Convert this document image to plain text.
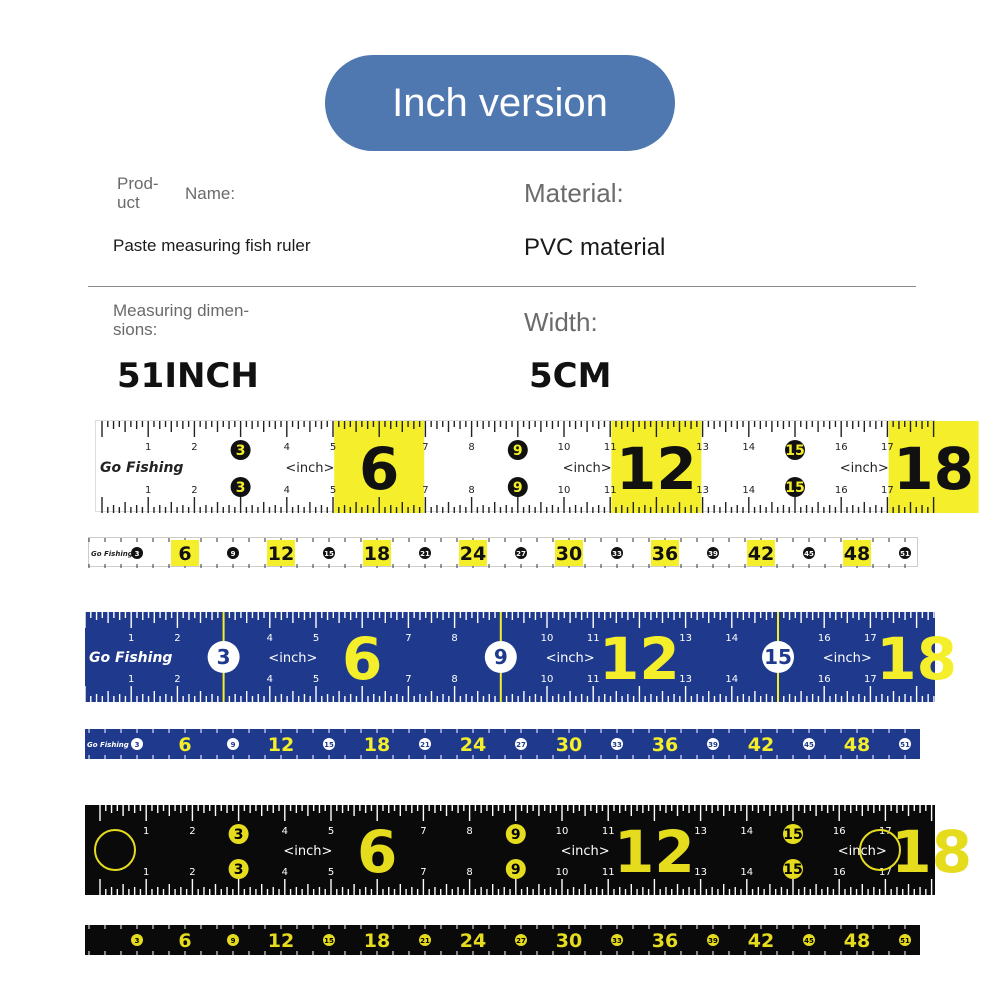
Inch version
Prod-
uct	Name:
Paste measuring fish ruler
Material:
PVC material
Measuring dimen-
sions:
51INCH
Width:
5CM
1
1
2
2
4
4
5
5
7
7
8
8
10
10
11
11
13
13
14
14
16
16
17
17
3
3
9
9
15
15
6	12	18
<inch>	<inch>	<inch>
Go Fishing
6	12	18	24	30	36	42	48
3	9	15	21	27	33	39	45	51
Go Fishing
1
1
2
2
4
4
5
5
7
7
8
8
10
10
11
11
13
13
14
14
16
16
17
17
3	9	15
6	12	18
<inch>	<inch>	<inch>
Go Fishing
6	12	18	24	30	36	42	48
3	9	15	21	27	33	39	45	51
Go Fishing
1
1
2
2
4
4
5
5
7
7
8
8
10
10
11
11
13
13
14
14
16
16
17
17
3
3
9
9
15
15
6	12	18
<inch>	<inch>	<inch>
6	12	18	24	30	36	42	48
3	9	15	21	27	33	39	45	51
